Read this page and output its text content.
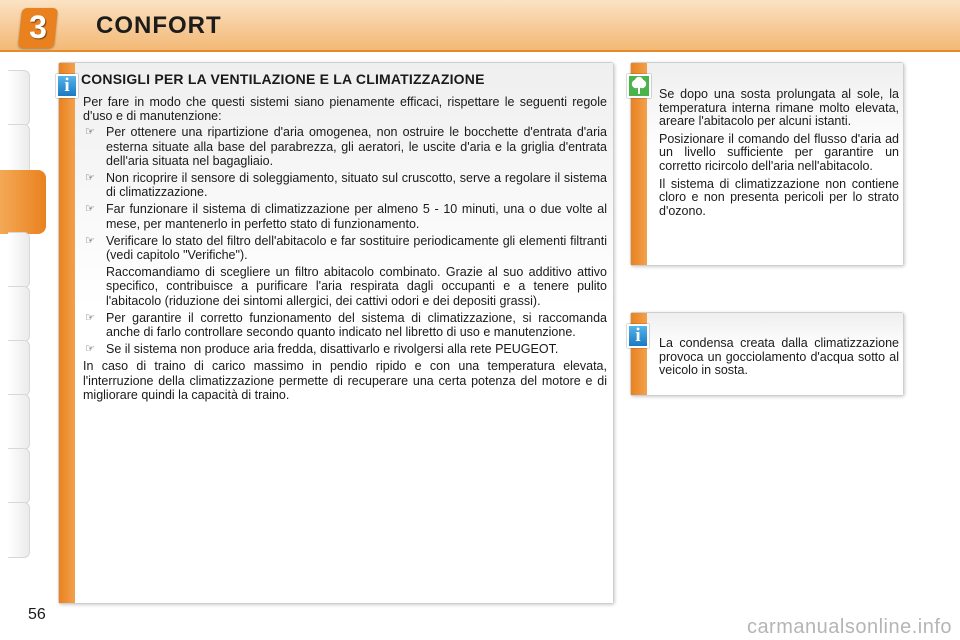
3	CONFORT
CONSIGLI PER LA VENTILAZIONE E LA CLIMATIZZAZIONE

Per fare in modo che questi sistemi siano pienamente efficaci, rispettare le seguenti regole d'uso e di manutenzione:

☞ Per ottenere una ripartizione d'aria omogenea, non ostruire le bocchette d'entrata d'aria esterna situate alla base del parabrezza, gli aeratori, le uscite d'aria e la griglia d'entrata dell'aria situata nel bagagliaio.
☞ Non ricoprire il sensore di soleggiamento, situato sul cruscotto, serve a regolare il sistema di climatizzazione.
☞ Far funzionare il sistema di climatizzazione per almeno 5 - 10 minuti, una o due volte al mese, per mantenerlo in perfetto stato di funzionamento.
☞ Verificare lo stato del filtro dell'abitacolo e far sostituire periodicamente gli elementi filtranti (vedi capitolo "Verifiche").
Raccomandiamo di scegliere un filtro abitacolo combinato. Grazie al suo additivo attivo specifico, contribuisce a purificare l'aria respirata dagli occupanti e a tenere pulito l'abitacolo (riduzione dei sintomi allergici, dei cattivi odori e dei depositi grassi).
☞ Per garantire il corretto funzionamento del sistema di climatizzazione, si raccomanda anche di farlo controllare secondo quanto indicato nel libretto di uso e manutenzione.
☞ Se il sistema non produce aria fredda, disattivarlo e rivolgersi alla rete PEUGEOT.

In caso di traino di carico massimo in pendio ripido e con una temperatura elevata, l'interruzione della climatizzazione permette di recuperare una certa potenza del motore e di migliorare quindi la capacità di traino.

i	Se dopo una sosta prolungata al sole, la temperatura interna rimane molto elevata, areare l'abitacolo per alcuni istanti.

Posizionare il comando del flusso d'aria ad un livello sufficiente per garantire un corretto ricircolo dell'aria nell'abitacolo.

Il sistema di climatizzazione non contiene cloro e non presenta pericoli per lo strato d'ozono.

La condensa creata dalla climatizzazione provoca un gocciolamento d'acqua sotto al veicolo in sosta.
i
56
carmanualsonline.info
